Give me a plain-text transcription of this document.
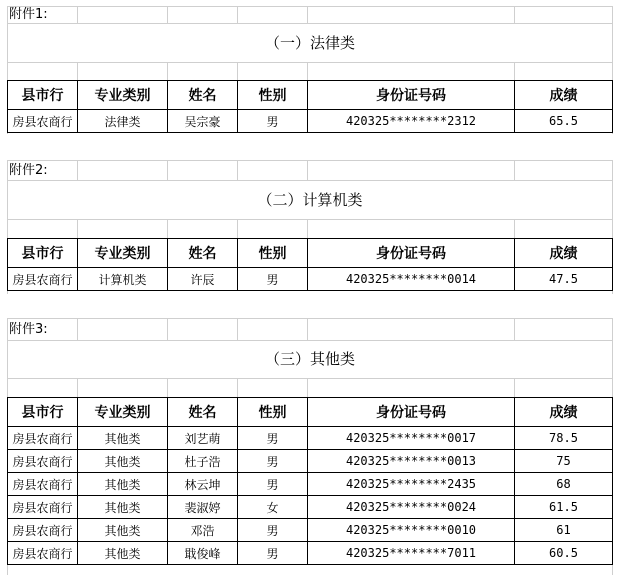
附件1:
（一）法律类
县市行	专业类别	姓名	性别	身份证号码	成绩
房县农商行	法律类	吴宗豪	男	420325********2312	65.5
附件2:
（二）计算机类
县市行	专业类别	姓名	性别	身份证号码	成绩
房县农商行	计算机类	许辰	男	420325********0014	47.5
附件3:
（三）其他类
县市行	专业类别	姓名	性别	身份证号码	成绩
房县农商行	其他类	刘艺萌	男	420325********0017	78.5
房县农商行	其他类	杜子浩	男	420325********0013	75
房县农商行	其他类	林云坤	男	420325********2435	68
房县农商行	其他类	裴淑婷	女	420325********0024	61.5
房县农商行	其他类	邓浩	男	420325********0010	61
房县农商行	其他类	戢俊峰	男	420325********7011	60.5
